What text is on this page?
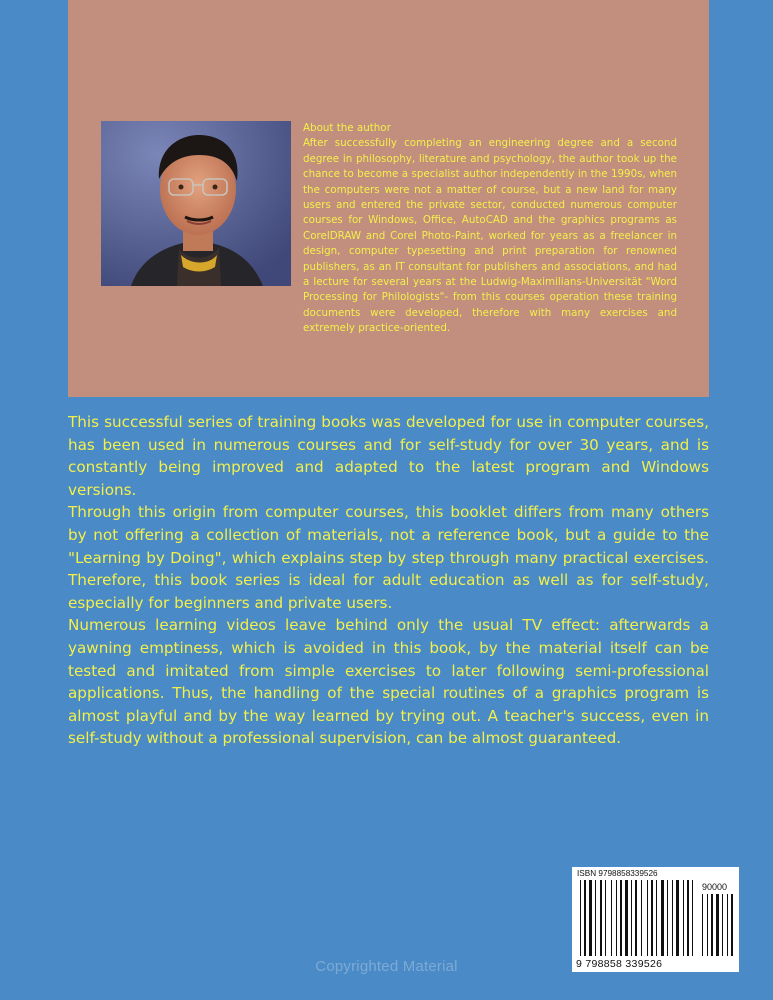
About the author
After successfully completing an engineering degree and a second degree in philosophy, literature and psychology, the author took up the chance to become a specialist author independently in the 1990s, when the computers were not a matter of course, but a new land for many users and entered the private sector, conducted numerous computer courses for Windows, Office, AutoCAD and the graphics programs as CorelDRAW and Corel Photo-Paint, worked for years as a freelancer in design, computer typesetting and print preparation for renowned publishers, as an IT consultant for publishers and associations, and had a lecture for several years at the Ludwig-Maximilians-Universität "Word Processing for Philologists"- from this courses operation these training documents were developed, therefore with many exercises and extremely practice-oriented.

This successful series of training books was developed for use in computer courses, has been used in numerous courses and for self-study for over 30 years, and is constantly being improved and adapted to the latest program and Windows versions.

Through this origin from computer courses, this booklet differs from many others by not offering a collection of materials, not a reference book, but a guide to the "Learning by Doing", which explains step by step through many practical exercises. Therefore, this book series is ideal for adult education as well as for self-study, especially for beginners and private users.

Numerous learning videos leave behind only the usual TV effect: afterwards a yawning emptiness, which is avoided in this book, by the material itself can be tested and imitated from simple exercises to later following semi-professional applications. Thus, the handling of the special routines of a graphics program is almost playful and by the way learned by trying out. A teacher's success, even in self-study without a professional supervision, can be almost guaranteed.

ISBN 9798858339526
90000
9 798858 339526
Copyrighted Material
